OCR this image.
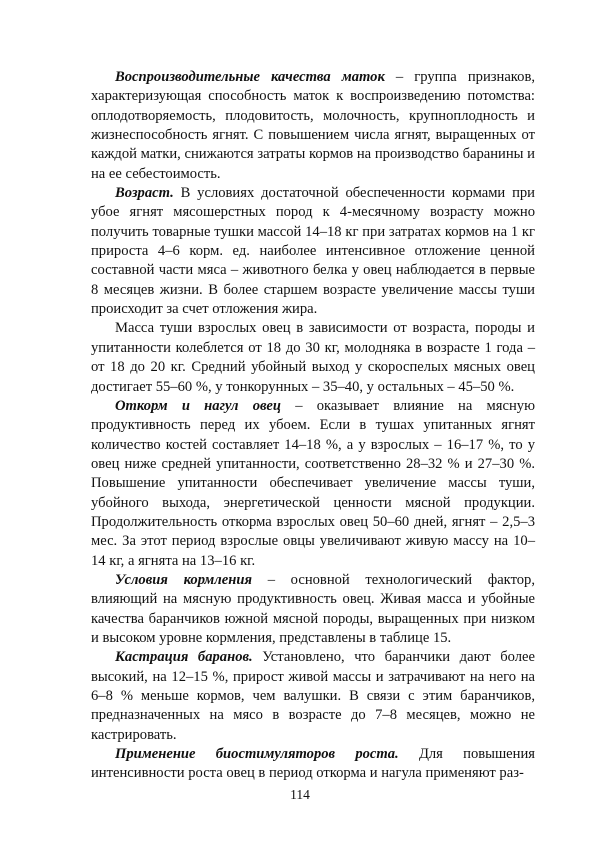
Воспроизводительные качества маток – группа признаков, характеризующая способность маток к воспроизведению потомства: оплодотворяемость, плодовитость, молочность, крупноплодность и жизнеспособность ягнят. С повышением числа ягнят, выращенных от каждой матки, снижаются затраты кормов на производство баранины и на ее себестоимость.

Возраст. В условиях достаточной обеспеченности кормами при убое ягнят мясошерстных пород к 4-месячному возрасту можно получить товарные тушки массой 14–18 кг при затратах кормов на 1 кг прироста 4–6 корм. ед. наиболее интенсивное отложение ценной составной части мяса – животного белка у овец наблюдается в первые 8 месяцев жизни. В более старшем возрасте увеличение массы туши происходит за счет отложения жира.

Масса туши взрослых овец в зависимости от возраста, породы и упитанности колеблется от 18 до 30 кг, молодняка в возрасте 1 года – от 18 до 20 кг. Средний убойный выход у скороспелых мясных овец достигает 55–60 %, у тонкорунных – 35–40, у остальных – 45–50 %.

Откорм и нагул овец – оказывает влияние на мясную продуктивность перед их убоем. Если в тушах упитанных ягнят количество костей составляет 14–18 %, а у взрослых – 16–17 %, то у овец ниже средней упитанности, соответственно 28–32 % и 27–30 %. Повышение упитанности обеспечивает увеличение массы туши, убойного выхода, энергетической ценности мясной продукции. Продолжительность откорма взрослых овец 50–60 дней, ягнят – 2,5–3 мес. За этот период взрослые овцы увеличивают живую массу на 10–14 кг, а ягнята на 13–16 кг.

Условия кормления – основной технологический фактор, влияющий на мясную продуктивность овец. Живая масса и убойные качества баранчиков южной мясной породы, выращенных при низком и высоком уровне кормления, представлены в таблице 15.

Кастрация баранов. Установлено, что баранчики дают более высокий, на 12–15 %, прирост живой массы и затрачивают на него на 6–8 % меньше кормов, чем валушки. В связи с этим баранчиков, предназначенных на мясо в возрасте до 7–8 месяцев, можно не кастрировать.

Применение биостимуляторов роста. Для повышения интенсивности роста овец в период откорма и нагула применяют раз-

114
